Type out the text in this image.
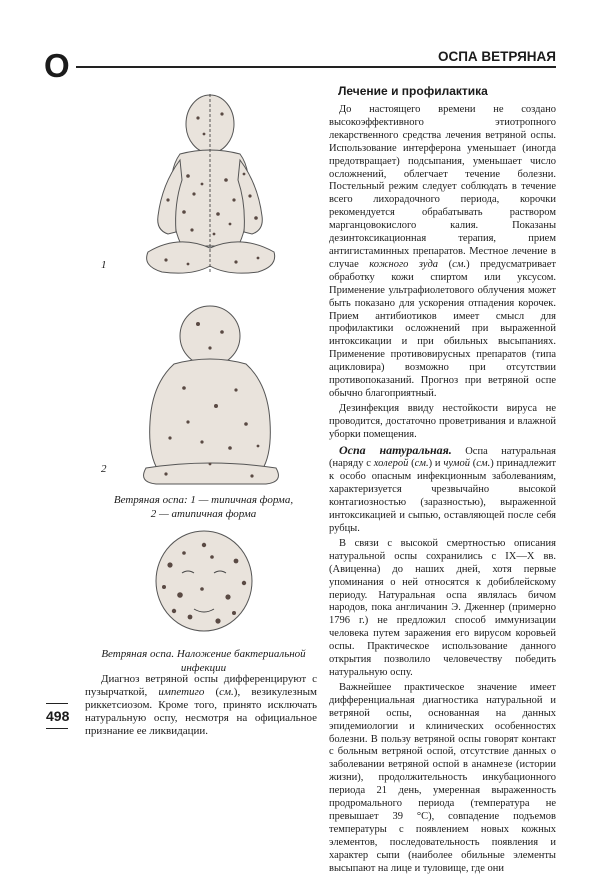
О	ОСПА ВЕТРЯНАЯ
1
2
Ветряная оспа: 1 — типичная форма,
2 — атипичная форма
Ветряная оспа. Наложение бактериальной
инфекции

Диагноз ветряной оспы дифференцируют с пузырчаткой, импетиго (см.), везикулезным риккетсиозом. Кроме того, принято исключать натуральную оспу, несмотря на официальное признание ее ликвидации.

498
Лечение и профилактика

До настоящего времени не создано высокоэффективного этиотропного лекарственного средства лечения ветряной оспы. Использование интерферона уменьшает (иногда предотвращает) подсыпания, уменьшает число осложнений, облегчает течение болезни. Постельный режим следует соблюдать в течение всего лихорадочного периода, корочки рекомендуется обрабатывать раствором марганцовокислого калия. Показаны дезинтоксикационная терапия, прием антигистаминных препаратов. Местное лечение в случае кожного зуда (см.) предусматривает обработку кожи спиртом или уксусом. Применение ультрафиолетового облучения может быть показано для ускорения отпадения корочек. Прием антибиотиков имеет смысл для профилактики осложнений при выраженной интоксикации и при обильных высыпаниях. Применение противовирусных препаратов (типа ацикловира) возможно при отсутствии противопоказаний. Прогноз при ветряной оспе обычно благоприятный.

Дезинфекция ввиду нестойкости вируса не проводится, достаточно проветривания и влажной уборки помещения.

Оспа натуральная. Оспа натуральная (наряду с холерой (см.) и чумой (см.) принадлежит к особо опасным инфекционным заболеваниям, характеризуется чрезвычайно высокой контагиозностью (заразностью), выраженной интоксикацией и сыпью, оставляющей после себя рубцы.

В связи с высокой смертностью описания натуральной оспы сохранились с IX—X вв. (Авиценна) до наших дней, хотя первые упоминания о ней относятся к добиблейскому периоду. Натуральная оспа являлась бичом народов, пока англичанин Э. Дженнер (примерно 1796 г.) не предложил способ иммунизации человека путем заражения его вирусом коровьей оспы. Практическое использование данного открытия позволило человечеству победить натуральную оспу.

Важнейшее практическое значение имеет дифференциальная диагностика натуральной и ветряной оспы, основанная на данных эпидемиологии и клинических особенностях болезни. В пользу ветряной оспы говорят контакт с больным ветряной оспой, отсутствие данных о заболевании ветряной оспой в анамнезе (истории жизни), продолжительность инкубационного периода 21 день, умеренная выраженность продромального периода (температура не превышает 39 °С), совпадение подъемов температуры с появлением новых кожных элементов, последовательность появления и характер сыпи (наиболее обильные элементы высыпают на лице и туловище, где они
